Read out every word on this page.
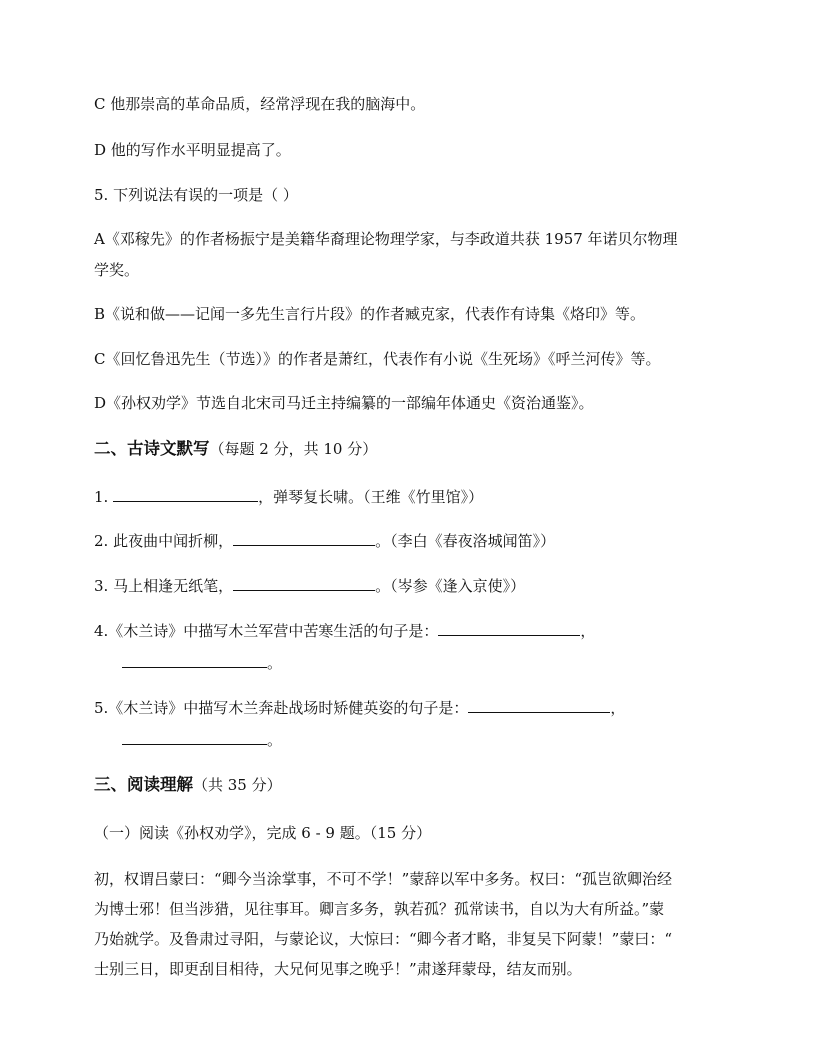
C 他那崇高的革命品质，经常浮现在我的脑海中。
D 他的写作水平明显提高了。
5. 下列说法有误的一项是（ ）
A《邓稼先》的作者杨振宁是美籍华裔理论物理学家，与李政道共获 1957 年诺贝尔物理
学奖。
B《说和做——记闻一多先生言行片段》的作者臧克家，代表作有诗集《烙印》等。
C《回忆鲁迅先生（节选）》的作者是萧红，代表作有小说《生死场》《呼兰河传》等。
D《孙权劝学》节选自北宋司马迁主持编纂的一部编年体通史《资治通鉴》。
二、古诗文默写（每题 2 分，共 10 分）
1.	，弹琴复长啸。（王维《竹里馆》）
2. 此夜曲中闻折柳，	。（李白《春夜洛城闻笛》）
3. 马上相逢无纸笔，	。（岑参《逢入京使》）
4.《木兰诗》中描写木兰军营中苦寒生活的句子是：	，
。
5.《木兰诗》中描写木兰奔赴战场时矫健英姿的句子是：	，
。
三、阅读理解（共 35 分）
（一）阅读《孙权劝学》，完成 6 - 9 题。（15 分）
初，权谓吕蒙曰：“卿今当涂掌事，不可不学！”蒙辞以军中多务。权曰：“孤岂欲卿治经
为博士邪！但当涉猎，见往事耳。卿言多务，孰若孤？孤常读书，自以为大有所益。”蒙
乃始就学。及鲁肃过寻阳，与蒙论议，大惊曰：“卿今者才略，非复吴下阿蒙！”蒙曰：“
士别三日，即更刮目相待，大兄何见事之晚乎！”肃遂拜蒙母，结友而别。
